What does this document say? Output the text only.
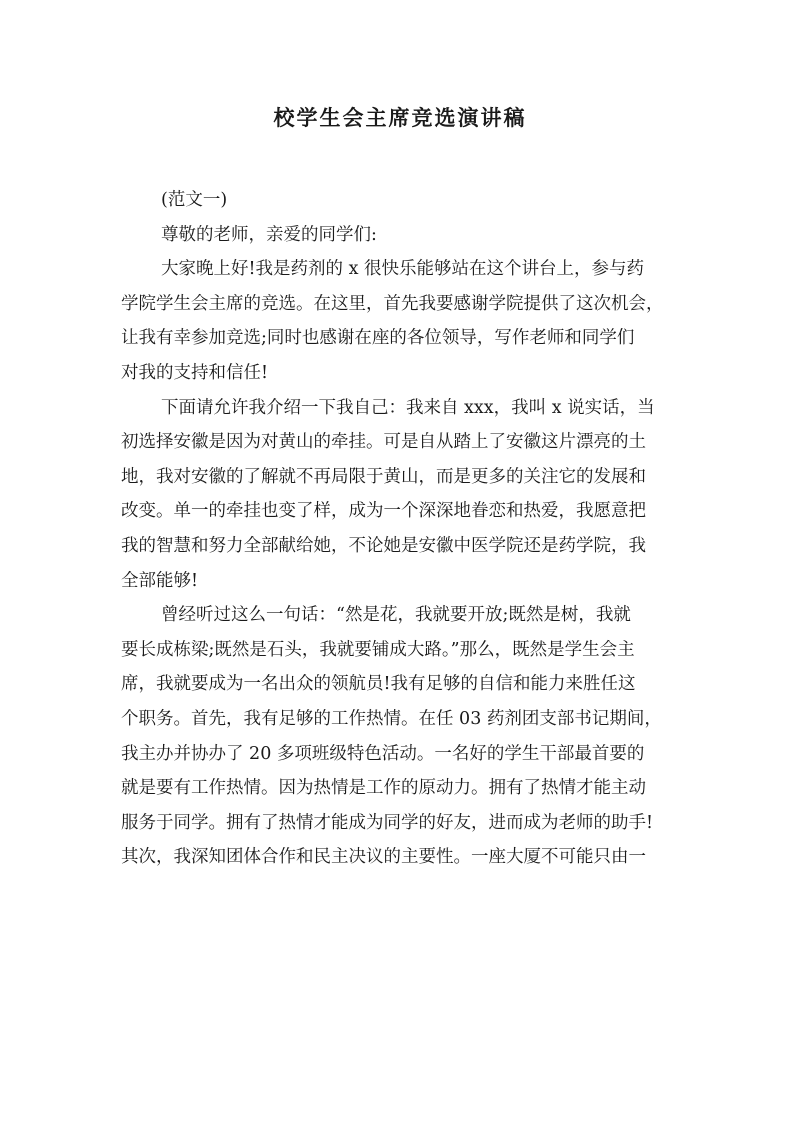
校学生会主席竞选演讲稿
(范文一)
尊敬的老师，亲爱的同学们:
大家晚上好!我是药剂的 x 很快乐能够站在这个讲台上，参与药
学院学生会主席的竞选。在这里，首先我要感谢学院提供了这次机会，
让我有幸参加竞选;同时也感谢在座的各位领导，写作老师和同学们
对我的支持和信任!
下面请允许我介绍一下我自己：我来自 xxx，我叫 x 说实话，当
初选择安徽是因为对黄山的牵挂。可是自从踏上了安徽这片漂亮的土
地，我对安徽的了解就不再局限于黄山，而是更多的关注它的发展和
改变。单一的牵挂也变了样，成为一个深深地眷恋和热爱，我愿意把
我的智慧和努力全部献给她，不论她是安徽中医学院还是药学院，我
全部能够!
曾经听过这么一句话：“然是花，我就要开放;既然是树，我就
要长成栋梁;既然是石头，我就要铺成大路。”那么，既然是学生会主
席，我就要成为一名出众的领航员!我有足够的自信和能力来胜任这
个职务。首先，我有足够的工作热情。在任 03 药剂团支部书记期间，
我主办并协办了 20 多项班级特色活动。一名好的学生干部最首要的
就是要有工作热情。因为热情是工作的原动力。拥有了热情才能主动
服务于同学。拥有了热情才能成为同学的好友，进而成为老师的助手!
其次，我深知团体合作和民主决议的主要性。一座大厦不可能只由一
